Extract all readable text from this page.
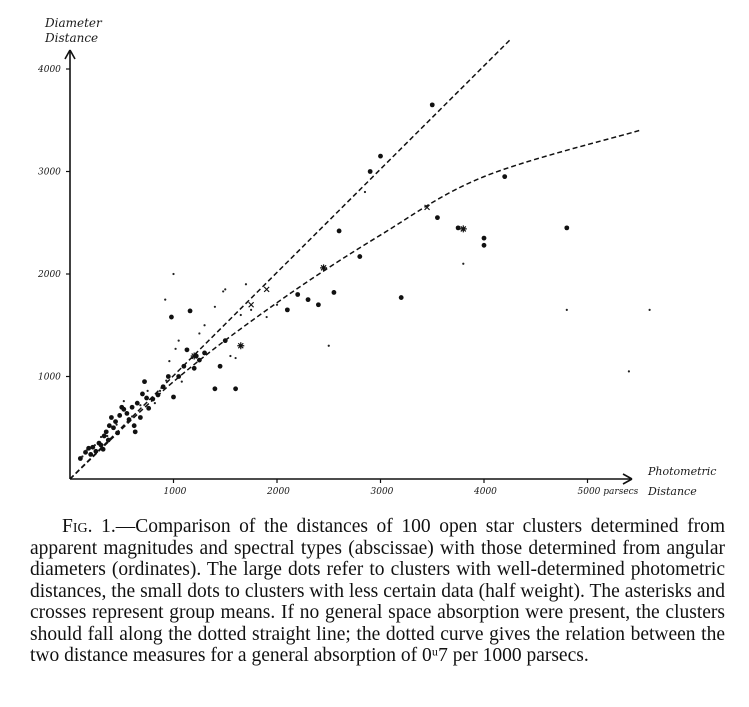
1000	2000	3000	4000	5000 parsecs
1000
2000
3000
4000
Diameter
Distance
Photometric
Distance

Fig. 1.—Comparison of the distances of 100 open star clusters determined from apparent magnitudes and spectral types (abscissae) with those determined from angular diameters (ordinates). The large dots refer to clusters with well-determined photometric distances, the small dots to clusters with less certain data (half weight). The asterisks and crosses represent group means. If no general space absorption were present, the clusters should fall along the dotted straight line; the dotted curve gives the relation between the two distance measures for a general absorption of 0ᵘ7 per 1000 parsecs.
